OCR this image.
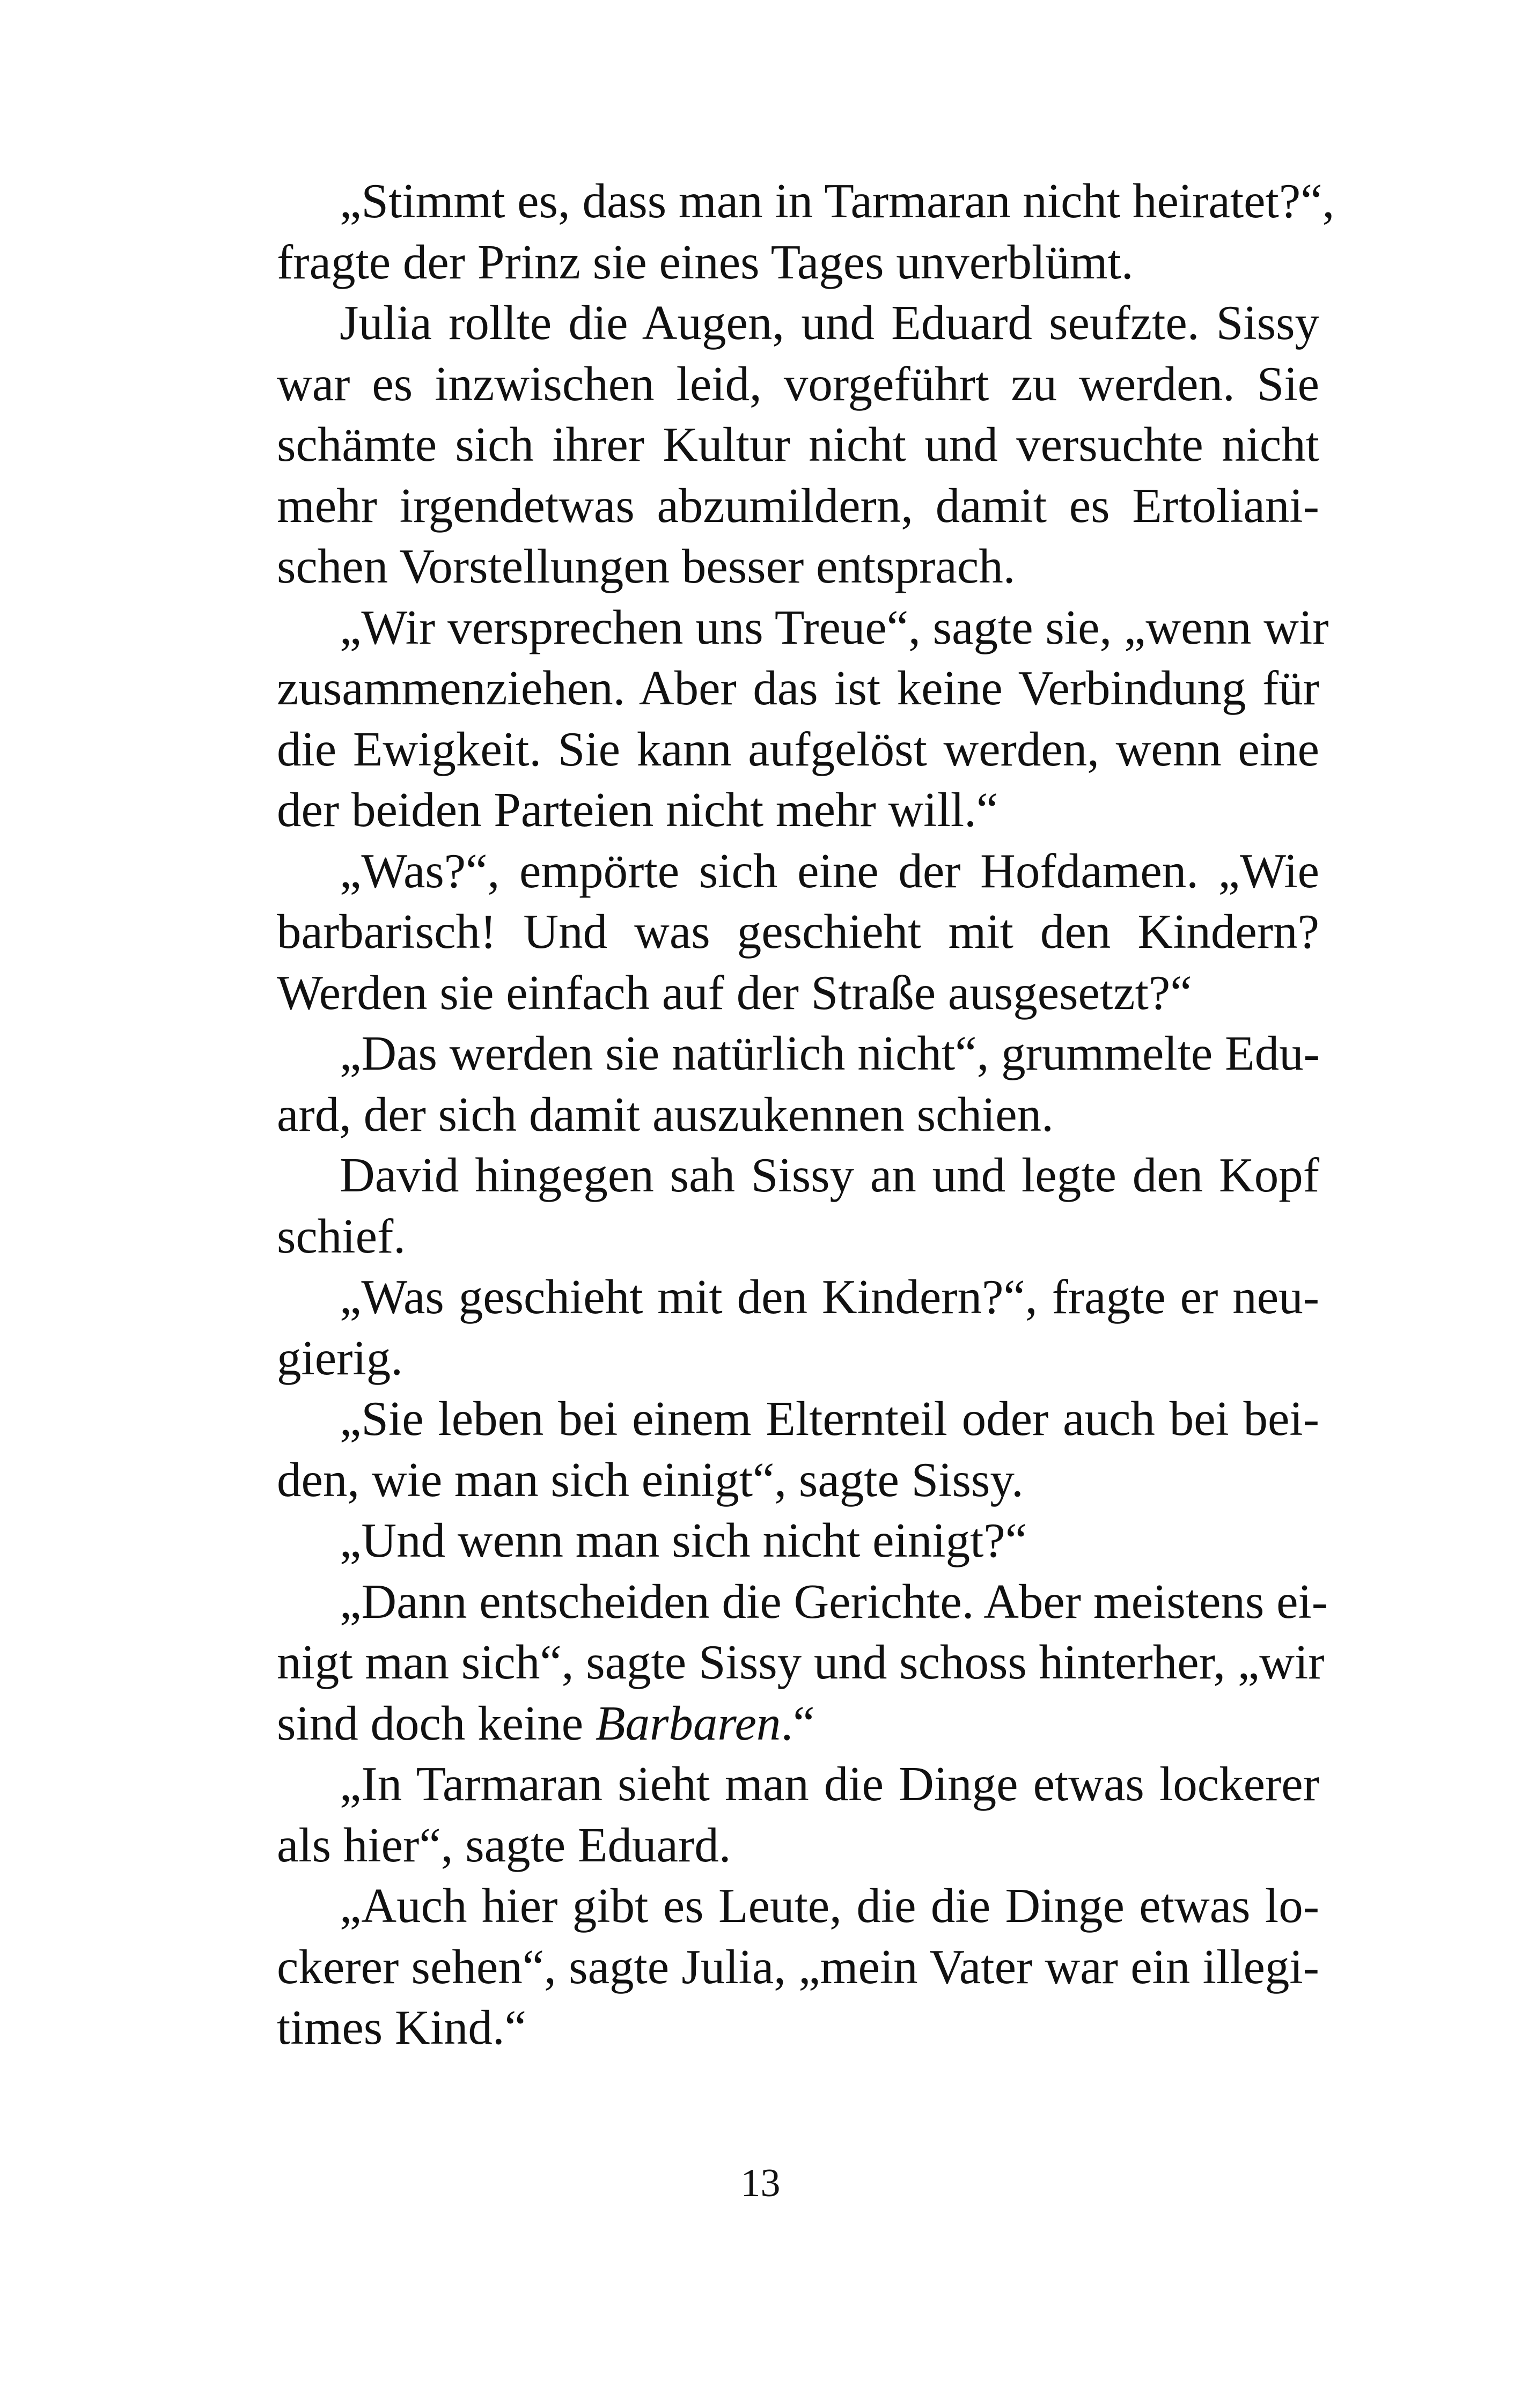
„Stimmt es, dass man in Tarmaran nicht heiratet?“,
fragte der Prinz sie eines Tages unverblümt.
Julia rollte die Augen, und Eduard seufzte. Sissy
war es inzwischen leid, vorgeführt zu werden. Sie
schämte sich ihrer Kultur nicht und versuchte nicht
mehr irgendetwas abzumildern, damit es Ertoliani-
schen Vorstellungen besser entsprach.
„Wir versprechen uns Treue“, sagte sie, „wenn wir
zusammenziehen. Aber das ist keine Verbindung für
die Ewigkeit. Sie kann aufgelöst werden, wenn eine
der beiden Parteien nicht mehr will.“
„Was?“, empörte sich eine der Hofdamen. „Wie
barbarisch! Und was geschieht mit den Kindern?
Werden sie einfach auf der Straße ausgesetzt?“
„Das werden sie natürlich nicht“, grummelte Edu-
ard, der sich damit auszukennen schien.
David hingegen sah Sissy an und legte den Kopf
schief.
„Was geschieht mit den Kindern?“, fragte er neu-
gierig.
„Sie leben bei einem Elternteil oder auch bei bei-
den, wie man sich einigt“, sagte Sissy.
„Und wenn man sich nicht einigt?“
„Dann entscheiden die Gerichte. Aber meistens ei-
nigt man sich“, sagte Sissy und schoss hinterher, „wir
sind doch keine Barbaren.“
„In Tarmaran sieht man die Dinge etwas lockerer
als hier“, sagte Eduard.
„Auch hier gibt es Leute, die die Dinge etwas lo-
ckerer sehen“, sagte Julia, „mein Vater war ein illegi-
times Kind.“
13
